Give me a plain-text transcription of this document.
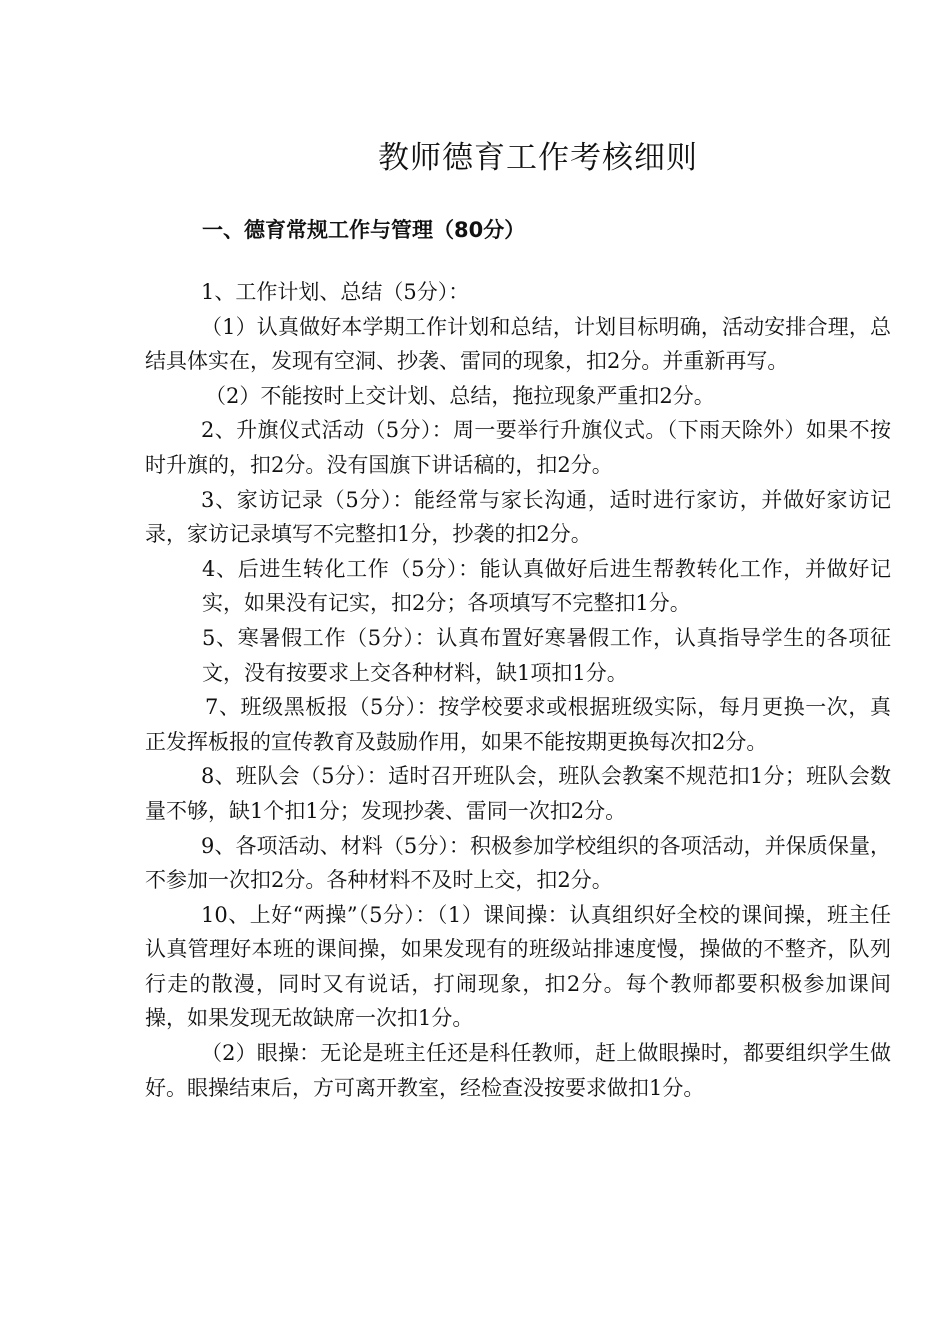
教师德育工作考核细则
一、德育常规工作与管理（80分）

1、工作计划、总结（5分）：

（1）认真做好本学期工作计划和总结，计划目标明确，活动安排合理，总结具体实在，发现有空洞、抄袭、雷同的现象，扣2分。并重新再写。

（2）不能按时上交计划、总结，拖拉现象严重扣2分。

2、升旗仪式活动（5分）：周一要举行升旗仪式。（下雨天除外）如果不按时升旗的，扣2分。没有国旗下讲话稿的，扣2分。

3、家访记录（5分）：能经常与家长沟通，适时进行家访，并做好家访记录，家访记录填写不完整扣1分，抄袭的扣2分。

4、后进生转化工作（5分）：能认真做好后进生帮教转化工作，并做好记实，如果没有记实，扣2分；各项填写不完整扣1分。

5、寒暑假工作（5分）：认真布置好寒暑假工作，认真指导学生的各项征文，没有按要求上交各种材料，缺1项扣1分。

7、班级黑板报（5分）：按学校要求或根据班级实际，每月更换一次，真正发挥板报的宣传教育及鼓励作用，如果不能按期更换每次扣2分。

8、班队会（5分）：适时召开班队会，班队会教案不规范扣1分；班队会数量不够，缺1个扣1分；发现抄袭、雷同一次扣2分。

9、各项活动、材料（5分）：积极参加学校组织的各项活动，并保质保量，不参加一次扣2分。各种材料不及时上交，扣2分。

10、上好“两操”（5分）：（1）课间操：认真组织好全校的课间操，班主任认真管理好本班的课间操，如果发现有的班级站排速度慢，操做的不整齐，队列行走的散漫，同时又有说话，打闹现象，扣2分。每个教师都要积极参加课间操，如果发现无故缺席一次扣1分。

（2）眼操：无论是班主任还是科任教师，赶上做眼操时，都要组织学生做好。眼操结束后，方可离开教室，经检查没按要求做扣1分。
